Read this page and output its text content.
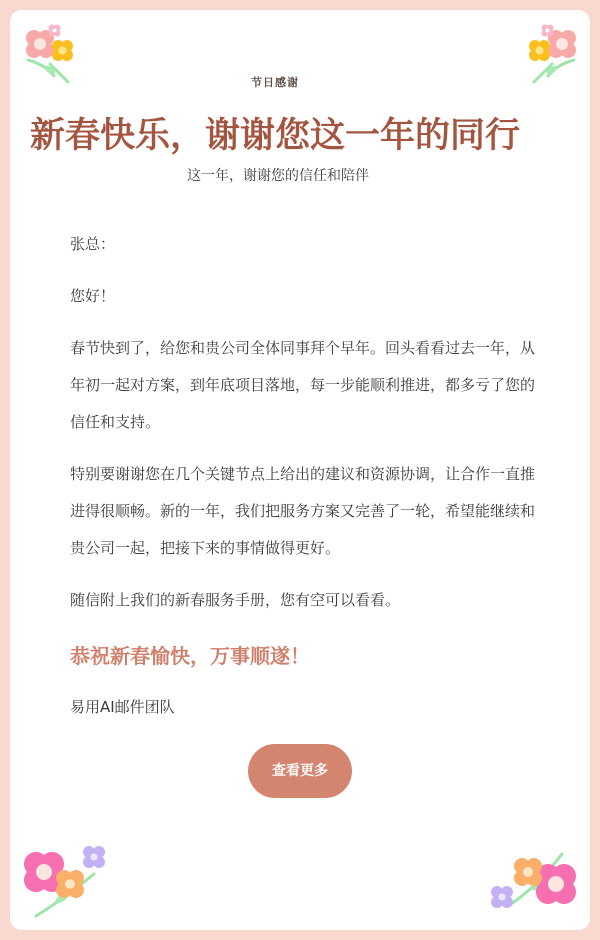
节日感谢
新春快乐，谢谢您这一年的同行
这一年，谢谢您的信任和陪伴

张总：

您好！

春节快到了，给您和贵公司全体同事拜个早年。回头看看过去一年，从年初一起对方案，到年底项目落地，每一步能顺利推进，都多亏了您的信任和支持。

特别要谢谢您在几个关键节点上给出的建议和资源协调，让合作一直推进得很顺畅。新的一年，我们把服务方案又完善了一轮，希望能继续和贵公司一起，把接下来的事情做得更好。

随信附上我们的新春服务手册，您有空可以看看。

恭祝新春愉快，万事顺遂！
易用AI邮件团队
查看更多
